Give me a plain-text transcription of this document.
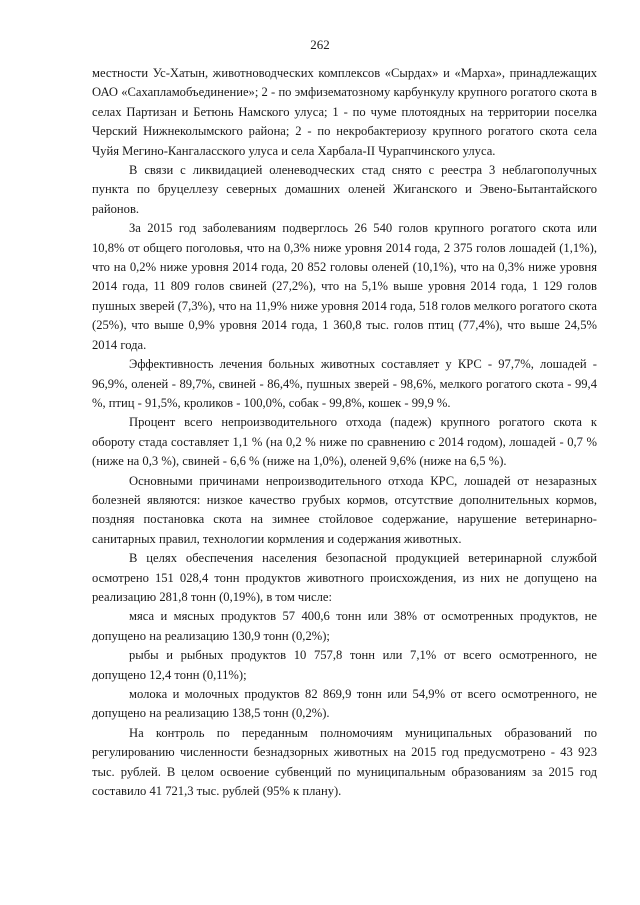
262

местности Ус-Хатын, животноводческих комплексов «Сырдах» и «Марха», принадлежащих ОАО «Сахапламобъединение»; 2 - по эмфизематозному карбункулу крупного рогатого скота в селах Партизан и Бетюнь Намского улуса; 1 - по чуме плотоядных на территории поселка Черский Нижнеколымского района; 2 - по некробактериозу крупного рогатого скота села Чуйя Мегино-Кангаласского улуса и села Харбала-II Чурапчинского улуса.

В связи с ликвидацией оленеводческих стад снято с реестра 3 неблагополучных пункта по бруцеллезу северных домашних оленей Жиганского и Эвено-Бытантайского районов.

За 2015 год заболеваниям подверглось 26 540 голов крупного рогатого скота или 10,8% от общего поголовья, что на 0,3% ниже уровня 2014 года, 2 375 голов лошадей (1,1%), что на 0,2% ниже уровня 2014 года, 20 852 головы оленей (10,1%), что на 0,3% ниже уровня 2014 года, 11 809 голов свиней (27,2%), что на 5,1% выше уровня 2014 года, 1 129 голов пушных зверей (7,3%), что на 11,9% ниже уровня 2014 года, 518 голов мелкого рогатого скота (25%), что выше 0,9% уровня 2014 года, 1 360,8 тыс. голов птиц (77,4%), что выше 24,5% 2014 года.

Эффективность лечения больных животных составляет у КРС - 97,7%, лошадей - 96,9%, оленей - 89,7%, свиней - 86,4%, пушных зверей - 98,6%, мелкого рогатого скота - 99,4 %, птиц - 91,5%, кроликов - 100,0%, собак - 99,8%, кошек - 99,9 %.

Процент всего непроизводительного отхода (падеж) крупного рогатого скота к обороту стада составляет 1,1 % (на 0,2 % ниже по сравнению с 2014 годом), лошадей - 0,7 % (ниже на 0,3 %), свиней - 6,6 % (ниже на 1,0%), оленей 9,6% (ниже на 6,5 %).

Основными причинами непроизводительного отхода КРС, лошадей от незаразных болезней являются: низкое качество грубых кормов, отсутствие дополнительных кормов, поздняя постановка скота на зимнее стойловое содержание, нарушение ветеринарно-санитарных правил, технологии кормления и содержания животных.

В целях обеспечения населения безопасной продукцией ветеринарной службой осмотрено 151 028,4 тонн продуктов животного происхождения, из них не допущено на реализацию 281,8 тонн (0,19%), в том числе:

мяса и мясных продуктов 57 400,6 тонн или 38% от осмотренных продуктов, не допущено на реализацию 130,9 тонн (0,2%);

рыбы и рыбных продуктов 10 757,8 тонн или 7,1% от всего осмотренного, не допущено 12,4 тонн (0,11%);

молока и молочных продуктов 82 869,9 тонн или 54,9% от всего осмотренного, не допущено на реализацию 138,5 тонн (0,2%).

На контроль по переданным полномочиям муниципальных образований по регулированию численности безнадзорных животных на 2015 год предусмотрено - 43 923 тыс. рублей. В целом освоение субвенций по муниципальным образованиям за 2015 год составило 41 721,3 тыс. рублей (95% к плану).
